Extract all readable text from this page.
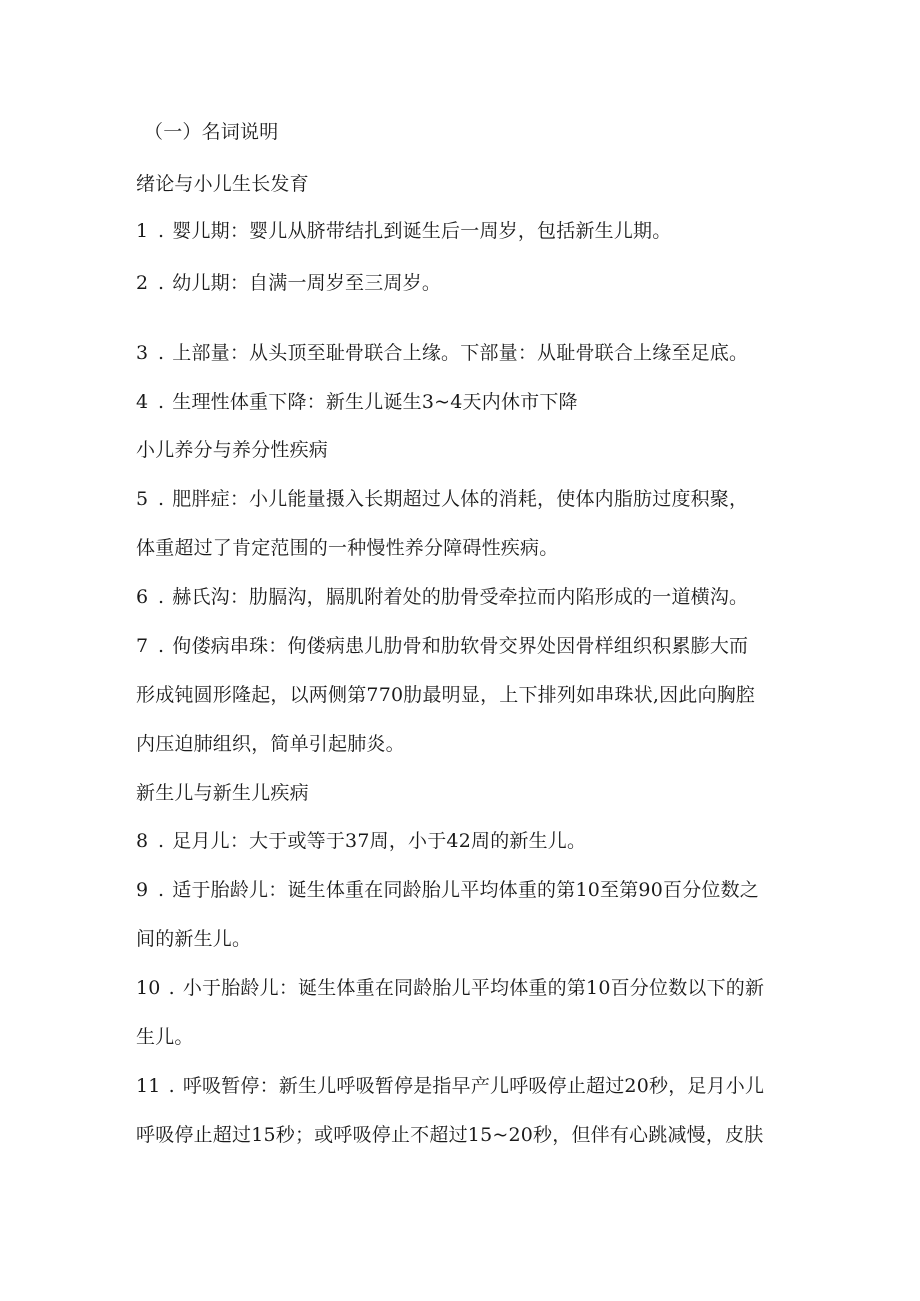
（一）名词说明

绪论与小儿生长发育

1 . 婴儿期：婴儿从脐带结扎到诞生后一周岁，包括新生儿期。

2 . 幼儿期：自满一周岁至三周岁。

3 . 上部量：从头顶至耻骨联合上缘。下部量：从耻骨联合上缘至足底。

4 . 生理性体重下降：新生儿诞生3~4天内休市下降

小儿养分与养分性疾病

5 . 肥胖症：小儿能量摄入长期超过人体的消耗，使体内脂肪过度积聚，

体重超过了肯定范围的一种慢性养分障碍性疾病。

6 . 赫氏沟：肋膈沟，膈肌附着处的肋骨受牵拉而内陷形成的一道横沟。

7 . 佝偻病串珠：佝偻病患儿肋骨和肋软骨交界处因骨样组织积累膨大而

形成钝圆形隆起，以两侧第770肋最明显，上下排列如串珠状,因此向胸腔

内压迫肺组织，简单引起肺炎。

新生儿与新生儿疾病

8 . 足月儿：大于或等于37周，小于42周的新生儿。

9 . 适于胎龄儿：诞生体重在同龄胎儿平均体重的第10至第90百分位数之

间的新生儿。

10 . 小于胎龄儿：诞生体重在同龄胎儿平均体重的第10百分位数以下的新

生儿。

11 . 呼吸暂停：新生儿呼吸暂停是指早产儿呼吸停止超过20秒，足月小儿

呼吸停止超过15秒；或呼吸停止不超过15~20秒，但伴有心跳减慢，皮肤
